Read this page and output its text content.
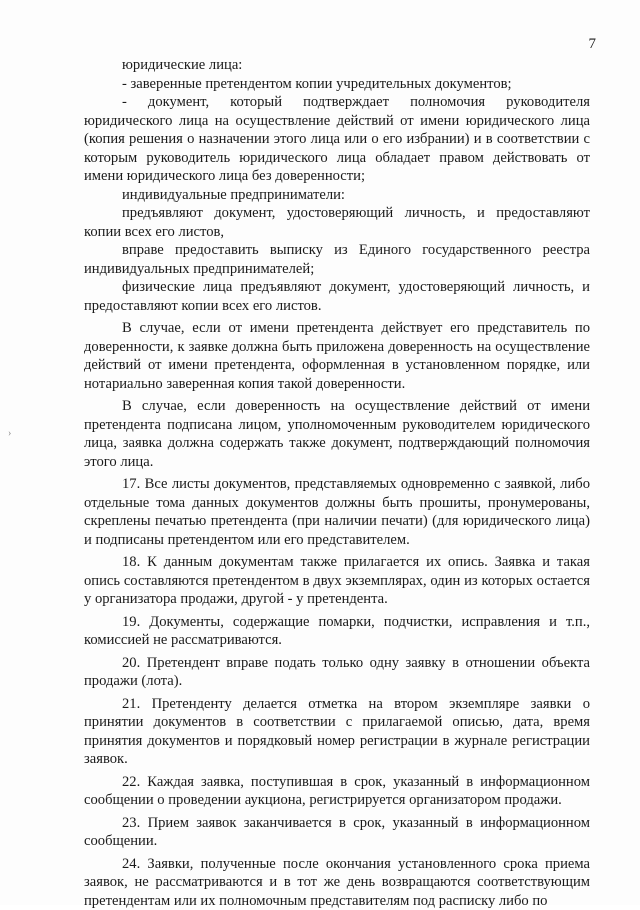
7
›

юридические лица:

- заверенные претендентом копии учредительных документов;

- документ, который подтверждает полномочия руководителя юридического лица на осуществление действий от имени юридического лица (копия решения о назначении этого лица или о его избрании) и в соответствии с которым руководитель юридического лица обладает правом действовать от имени юридического лица без доверенности;

индивидуальные предприниматели:

предъявляют документ, удостоверяющий личность, и предоставляют копии всех его листов,

вправе предоставить выписку из Единого государственного реестра индивидуальных предпринимателей;

физические лица предъявляют документ, удостоверяющий личность, и предоставляют копии всех его листов.

В случае, если от имени претендента действует его представитель по доверенности, к заявке должна быть приложена доверенность на осуществление действий от имени претендента, оформленная в установленном порядке, или нотариально заверенная копия такой доверенности.

В случае, если доверенность на осуществление действий от имени претендента подписана лицом, уполномоченным руководителем юридического лица, заявка должна содержать также документ, подтверждающий полномочия этого лица.

17. Все листы документов, представляемых одновременно с заявкой, либо отдельные тома данных документов должны быть прошиты, пронумерованы, скреплены печатью претендента (при наличии печати) (для юридического лица) и подписаны претендентом или его представителем.

18. К данным документам также прилагается их опись. Заявка и такая опись составляются претендентом в двух экземплярах, один из которых остается у организатора продажи, другой - у претендента.

19. Документы, содержащие помарки, подчистки, исправления и т.п., комиссией не рассматриваются.

20. Претендент вправе подать только одну заявку в отношении объекта продажи (лота).

21. Претенденту делается отметка на втором экземпляре заявки о принятии документов в соответствии с прилагаемой описью, дата, время принятия документов и порядковый номер регистрации в журнале регистрации заявок.

22. Каждая заявка, поступившая в срок, указанный в информационном сообщении о проведении аукциона, регистрируется организатором продажи.

23. Прием заявок заканчивается в срок, указанный в информационном сообщении.

24. Заявки, полученные после окончания установленного срока приема заявок, не рассматриваются и в тот же день возвращаются соответствующим претендентам или их полномочным представителям под расписку либо по
